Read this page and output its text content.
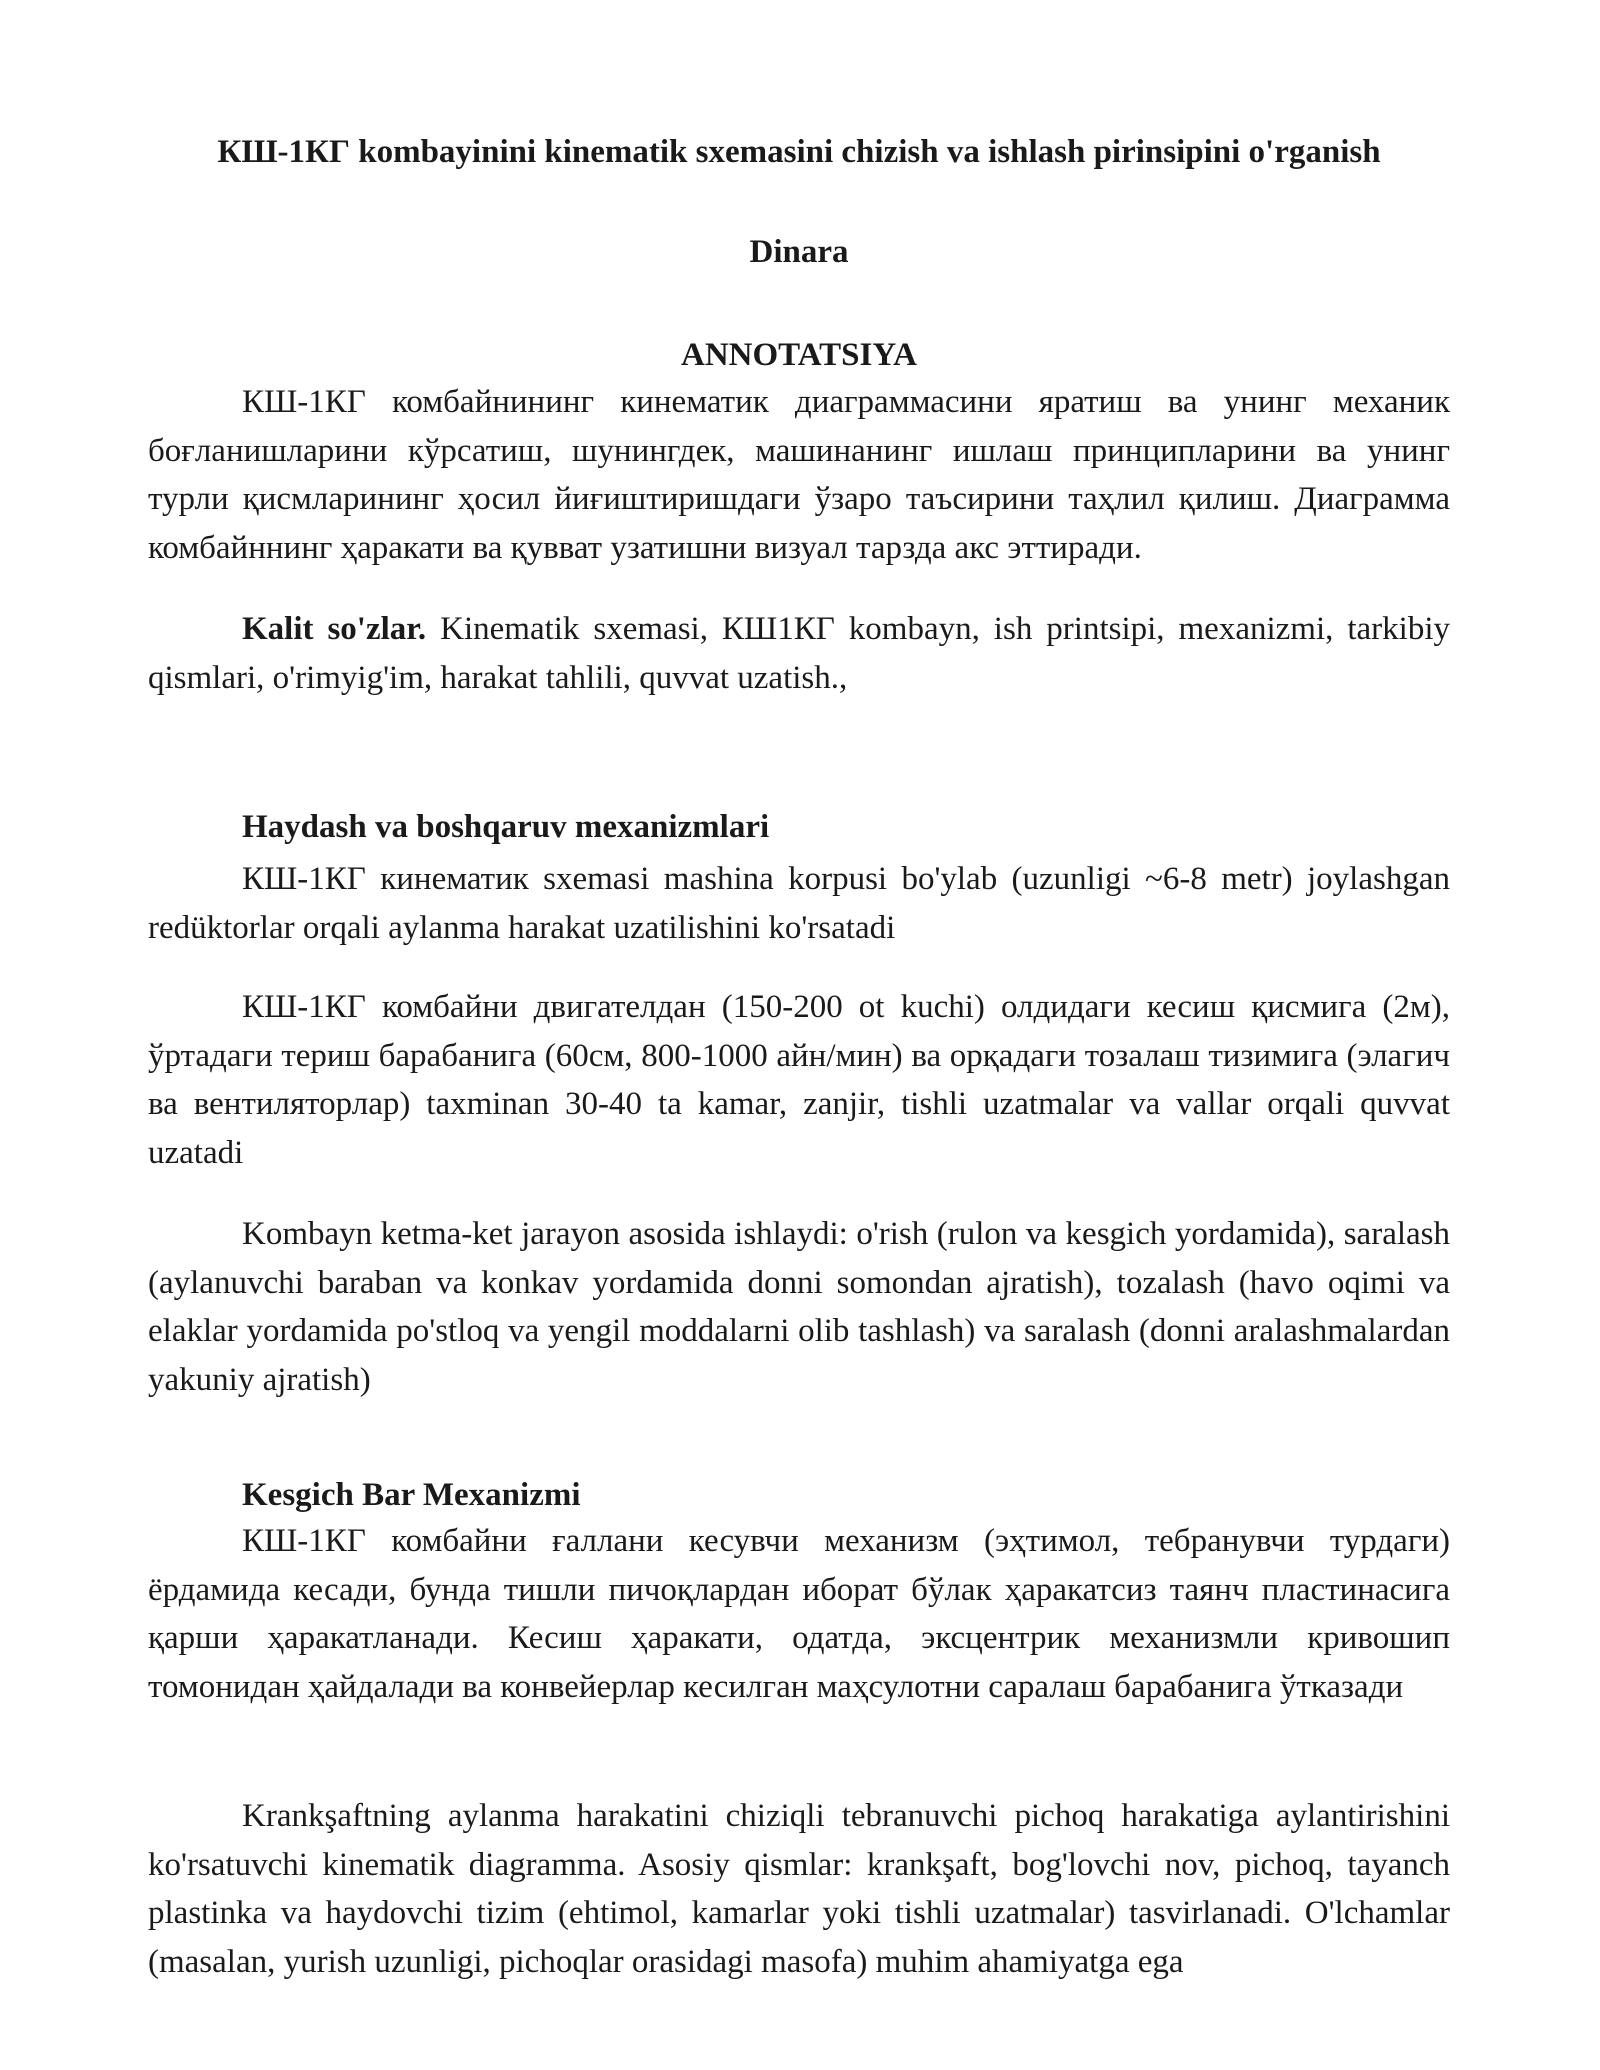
КШ-1КГ kombayinini kinematik sxemasini chizish va ishlash pirinsipini o'rganish

Dinara

ANNOTATSIYA

КШ-1КГ комбайнининг кинематик диаграммасини яратиш ва унинг механик боғланишларини кўрсатиш, шунингдек, машинанинг ишлаш принципларини ва унинг турли қисмларининг ҳосил йиғиштиришдаги ўзаро таъсирини таҳлил қилиш. Диаграмма комбайннинг ҳаракати ва қувват узатишни визуал тарзда акс эттиради.

Kalit so'zlar. Kinematik sxemasi, КШ1КГ kombayn, ish printsipi, mexanizmi, tarkibiy qismlari, o'rimyig'im, harakat tahlili, quvvat uzatish.,

Haydash va boshqaruv mexanizmlari

КШ-1КГ кинематик sxemasi mashina korpusi bo'ylab (uzunligi ~6-8 metr) joylashgan redüktorlar orqali aylanma harakat uzatilishini ko'rsatadi

КШ-1КГ комбайни двигателдан (150-200 ot kuchi) олдидаги кесиш қисмига (2м), ўртадаги териш барабанига (60см, 800-1000 айн/мин) ва орқадаги тозалаш тизимига (элагич ва вентиляторлар) taxminan 30-40 ta kamar, zanjir, tishli uzatmalar va vallar orqali quvvat uzatadi

Kombayn ketma-ket jarayon asosida ishlaydi: o'rish (rulon va kesgich yordamida), saralash (aylanuvchi baraban va konkav yordamida donni somondan ajratish), tozalash (havo oqimi va elaklar yordamida po'stloq va yengil moddalarni olib tashlash) va saralash (donni aralashmalardan yakuniy ajratish)

Kesgich Bar Mexanizmi

КШ-1КГ комбайни ғаллани кесувчи механизм (эҳтимол, тебранувчи турдаги) ёрдамида кесади, бунда тишли пичоқлардан иборат бўлак ҳаракатсиз таянч пластинасига қарши ҳаракатланади. Кесиш ҳаракати, одатда, эксцентрик механизмли кривошип томонидан ҳайдалади ва конвейерлар кесилган маҳсулотни саралаш барабанига ўтказади

Krankşaftning aylanma harakatini chiziqli tebranuvchi pichoq harakatiga aylantirishini ko'rsatuvchi kinematik diagramma. Asosiy qismlar: krankşaft, bog'lovchi nov, pichoq, tayanch plastinka va haydovchi tizim (ehtimol, kamarlar yoki tishli uzatmalar) tasvirlanadi. O'lchamlar (masalan, yurish uzunligi, pichoqlar orasidagi masofa) muhim ahamiyatga ega
